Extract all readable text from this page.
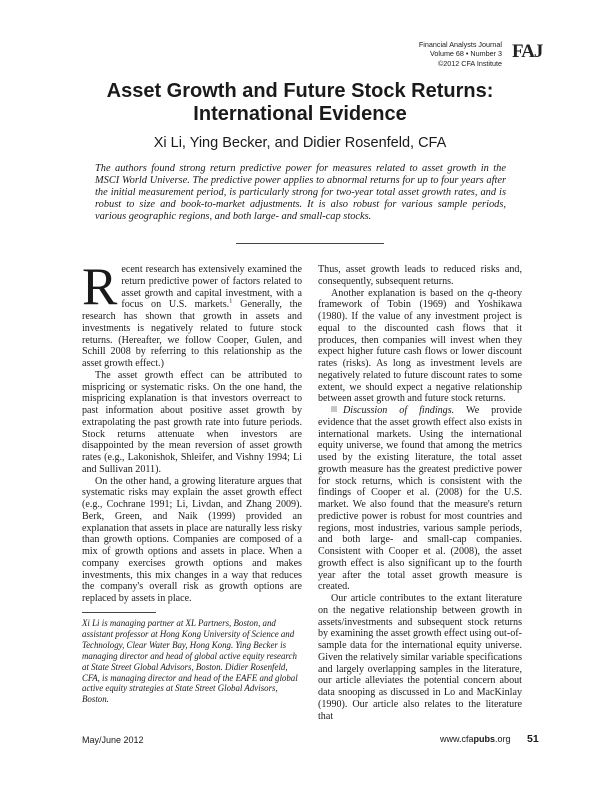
Financial Analysts Journal
Volume 68 • Number 3
©2012 CFA Institute
FAJ
Asset Growth and Future Stock Returns: International Evidence
Xi Li, Ying Becker, and Didier Rosenfeld, CFA
The authors found strong return predictive power for measures related to asset growth in the MSCI World Universe. The predictive power applies to abnormal returns for up to four years after the initial measurement period, is particularly strong for two-year total asset growth rates, and is robust to size and book-to-market adjustments. It is also robust for various sample periods, various geographic regions, and both large- and small-cap stocks.

Recent research has extensively examined the return predictive power of factors related to asset growth and capital investment, with a focus on U.S. markets.$^1$ Generally, the research has shown that growth in assets and investments is negatively related to future stock returns. (Hereafter, we follow Cooper, Gulen, and Schill 2008 by referring to this relationship as the asset growth effect.)

The asset growth effect can be attributed to mispricing or systematic risks. On the one hand, the mispricing explanation is that investors overreact to past information about positive asset growth by extrapolating the past growth rate into future periods. Stock returns attenuate when investors are disappointed by the mean reversion of asset growth rates (e.g., Lakonishok, Shleifer, and Vishny 1994; Li and Sullivan 2011).

On the other hand, a growing literature argues that systematic risks may explain the asset growth effect (e.g., Cochrane 1991; Li, Livdan, and Zhang 2009). Berk, Green, and Naik (1999) provided an explanation that assets in place are naturally less risky than growth options. Companies are composed of a mix of growth options and assets in place. When a company exercises growth options and makes investments, this mix changes in a way that reduces the company's overall risk as growth options are replaced by assets in place.

Xi Li is managing partner at XL Partners, Boston, and assistant professor at Hong Kong University of Science and Technology, Clear Water Bay, Hong Kong. Ying Becker is managing director and head of global active equity research at State Street Global Advisors, Boston. Didier Rosenfeld, CFA, is managing director and head of the EAFE and global active equity strategies at State Street Global Advisors, Boston.

Thus, asset growth leads to reduced risks and, consequently, subsequent returns.

Another explanation is based on the q-theory framework of Tobin (1969) and Yoshikawa (1980). If the value of any investment project is equal to the discounted cash flows that it produces, then companies will invest when they expect higher future cash flows or lower discount rates (risks). As long as investment levels are negatively related to future discount rates to some extent, we should expect a negative relationship between asset growth and future stock returns.

Discussion of findings. We provide evidence that the asset growth effect also exists in international markets. Using the international equity universe, we found that among the metrics used by the existing literature, the total asset growth measure has the greatest predictive power for stock returns, which is consistent with the findings of Cooper et al. (2008) for the U.S. market. We also found that the measure's return predictive power is robust for most countries and regions, most industries, various sample periods, and both large- and small-cap companies. Consistent with Cooper et al. (2008), the asset growth effect is also significant up to the fourth year after the total asset growth measure is created.

Our article contributes to the extant literature on the negative relationship between growth in assets/investments and subsequent stock returns by examining the asset growth effect using out-of-sample data for the international equity universe. Given the relatively similar variable specifications and largely overlapping samples in the literature, our article alleviates the potential concern about data snooping as discussed in Lo and MacKinlay (1990). Our article also relates to the literature that

May/June 2012	www.cfapubs.org 51
